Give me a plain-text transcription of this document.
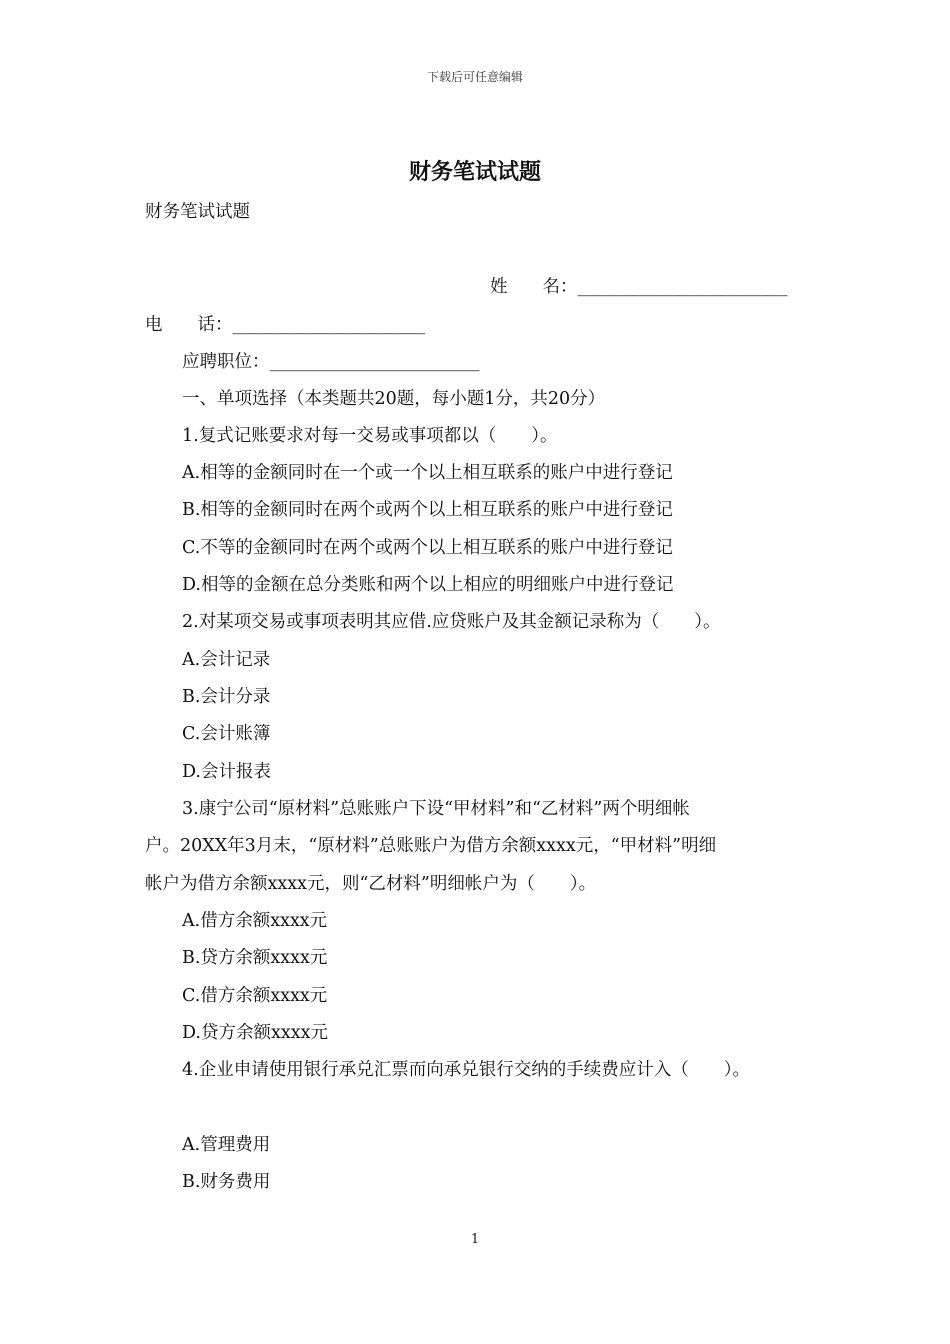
下载后可任意编辑
财务笔试试题
财务笔试试题
姓　　名：________________________
电　　话：______________________
应聘职位：________________________
一、单项选择（本类题共20题，每小题1分，共20分）
1.复式记账要求对每一交易或事项都以（　　）。
A.相等的金额同时在一个或一个以上相互联系的账户中进行登记
B.相等的金额同时在两个或两个以上相互联系的账户中进行登记
C.不等的金额同时在两个或两个以上相互联系的账户中进行登记
D.相等的金额在总分类账和两个以上相应的明细账户中进行登记
2.对某项交易或事项表明其应借.应贷账户及其金额记录称为（　　）。
A.会计记录
B.会计分录
C.会计账簿
D.会计报表
3.康宁公司“原材料”总账账户下设“甲材料”和“乙材料”两个明细帐
户。20XX年3月末，“原材料”总账账户为借方余额xxxx元，“甲材料”明细
帐户为借方余额xxxx元，则“乙材料”明细帐户为（　　）。
A.借方余额xxxx元
B.贷方余额xxxx元
C.借方余额xxxx元
D.贷方余额xxxx元
4.企业申请使用银行承兑汇票而向承兑银行交纳的手续费应计入（　　）。
A.管理费用
B.财务费用
1
